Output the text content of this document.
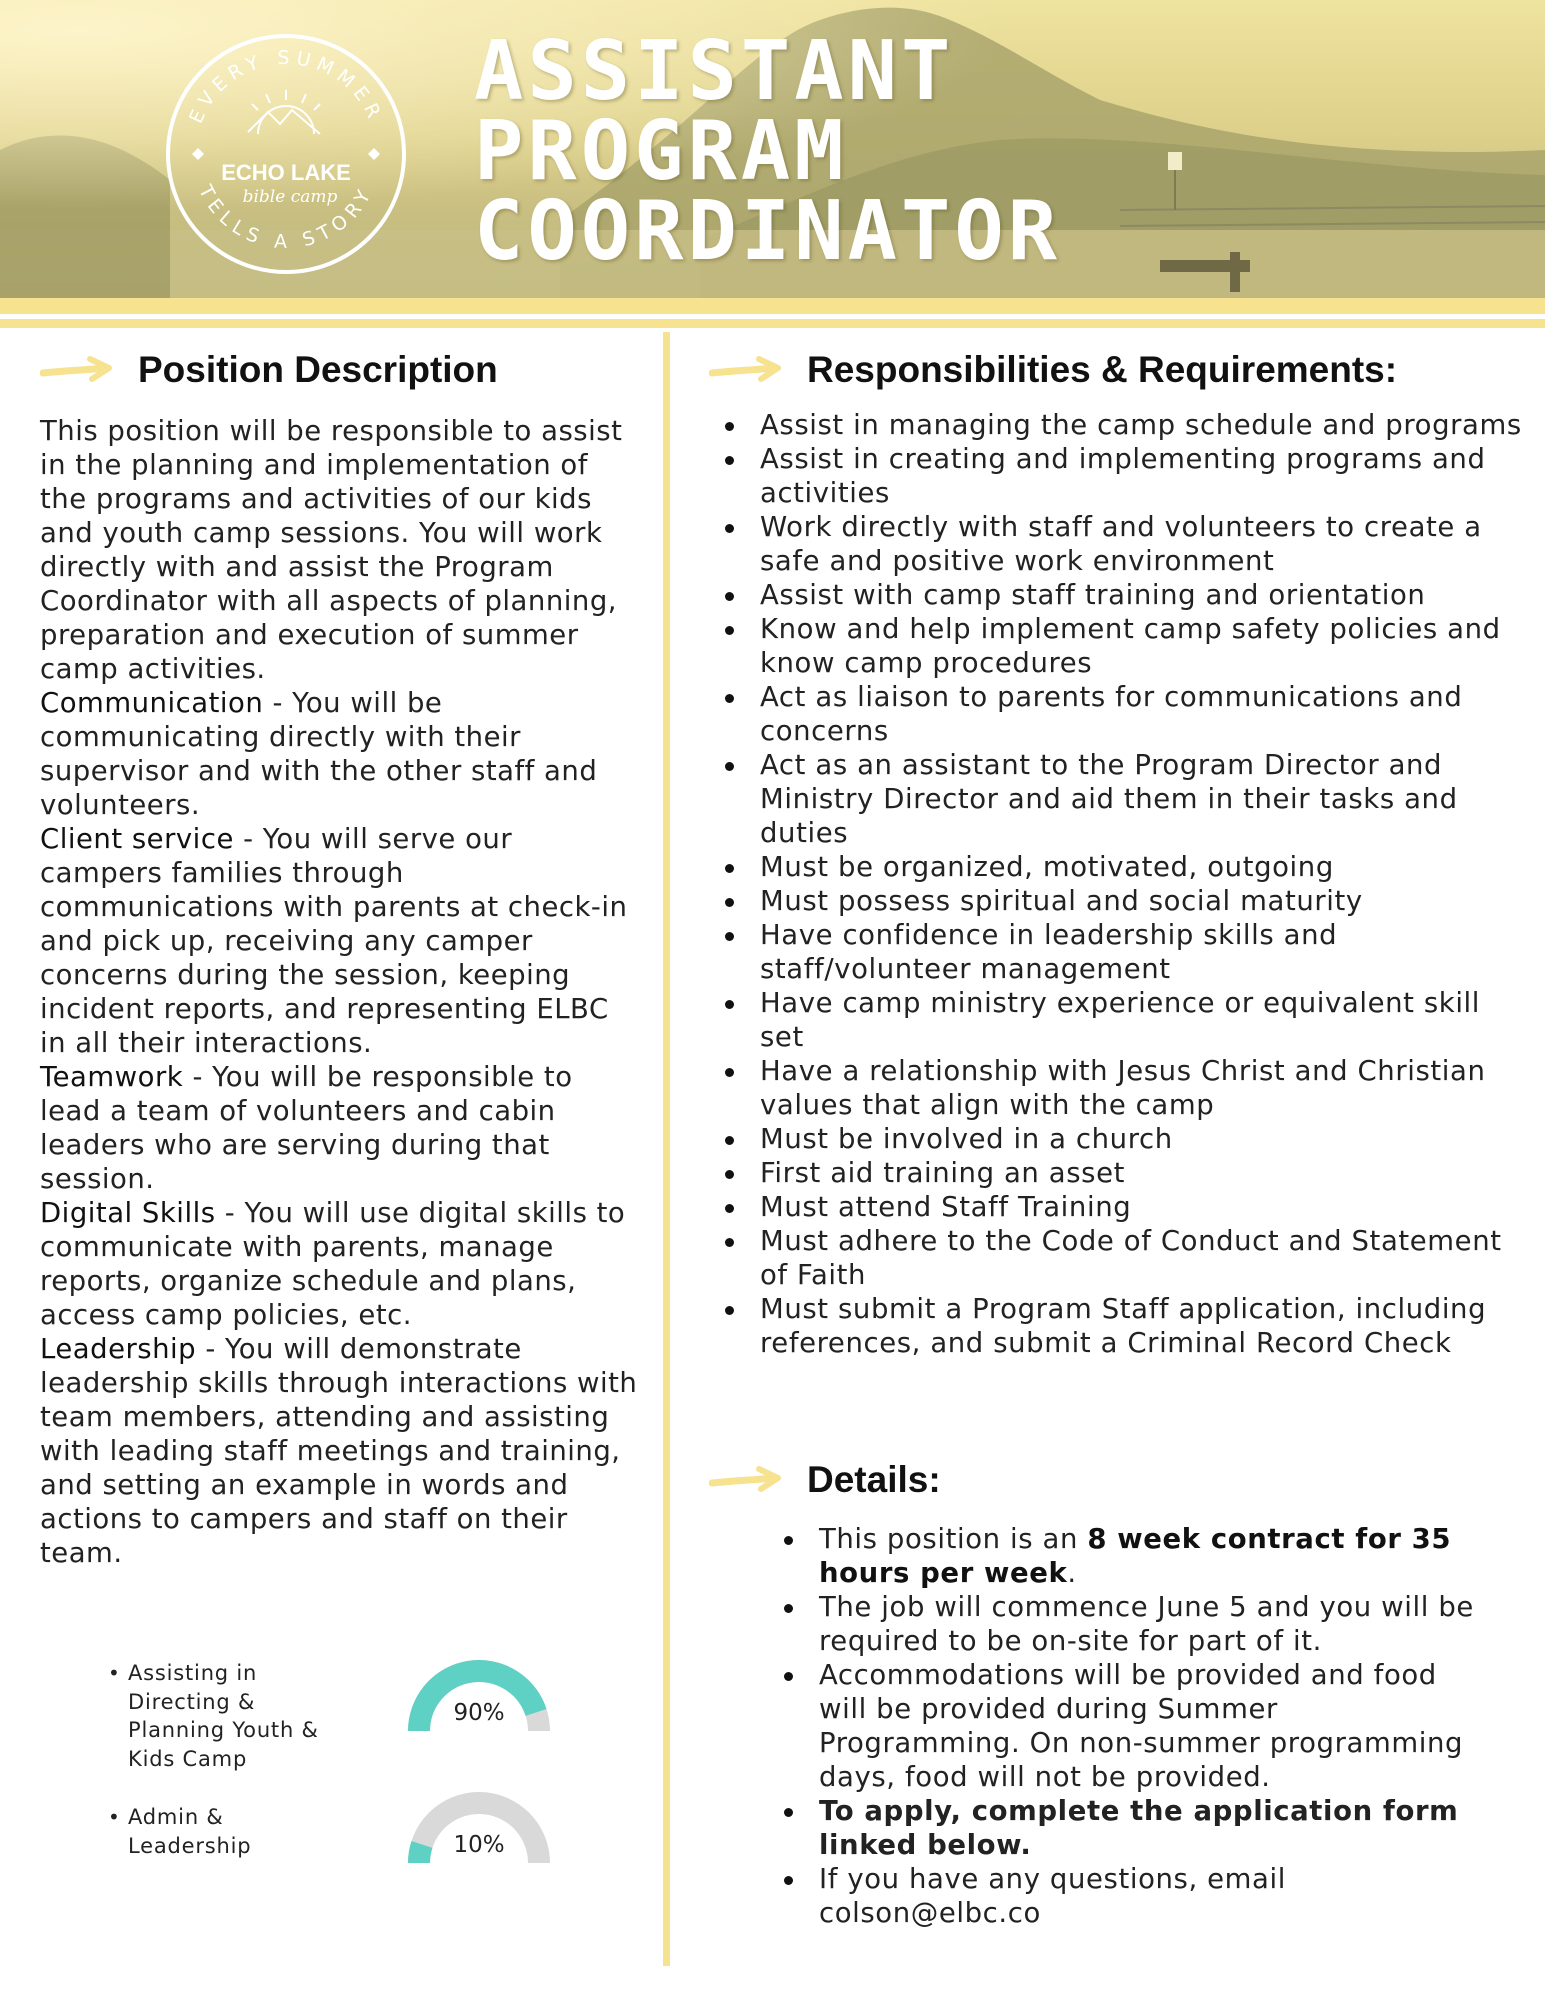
EVERY SUMMER
TELLS A STORY
ECHO LAKE
bible camp
ASSISTANT
PROGRAM
COORDINATOR
Position Description

This position will be responsible to assist in the planning and implementation of the programs and activities of our kids and youth camp sessions. You will work directly with and assist the Program Coordinator with all aspects of planning, preparation and execution of summer camp activities.

Communication - You will be communicating directly with their supervisor and with the other staff and volunteers.

Client service - You will serve our campers families through communications with parents at check-in and pick up, receiving any camper concerns during the session, keeping incident reports, and representing ELBC in all their interactions.

Teamwork - You will be responsible to lead a team of volunteers and cabin leaders who are serving during that session.

Digital Skills - You will use digital skills to communicate with parents, manage reports, organize schedule and plans, access camp policies, etc.

Leadership - You will demonstrate leadership skills through interactions with team members, attending and assisting with leading staff meetings and training, and setting an example in words and actions to campers and staff on their team.

• Assisting in Directing & Planning Youth & Kids Camp
90%
• Admin & Leadership	10%
Responsibilities & Requirements:
Assist in managing the camp schedule and programs
Assist in creating and implementing programs and activities
Work directly with staff and volunteers to create a safe and positive work environment
Assist with camp staff training and orientation
Know and help implement camp safety policies and know camp procedures
Act as liaison to parents for communications and concerns
Act as an assistant to the Program Director and Ministry Director and aid them in their tasks and duties
Must be organized, motivated, outgoing
Must possess spiritual and social maturity
Have confidence in leadership skills and staff/volunteer management
Have camp ministry experience or equivalent skill set
Have a relationship with Jesus Christ and Christian values that align with the camp
Must be involved in a church
First aid training an asset
Must attend Staff Training
Must adhere to the Code of Conduct and Statement of Faith
Must submit a Program Staff application, including references, and submit a Criminal Record Check
Details:
This position is an 8 week contract for 35 hours per week.
The job will commence June 5 and you will be required to be on-site for part of it.
Accommodations will be provided and food will be provided during Summer Programming. On non-summer programming days, food will not be provided.
To apply, complete the application form linked below.
If you have any questions, email colson@elbc.co
